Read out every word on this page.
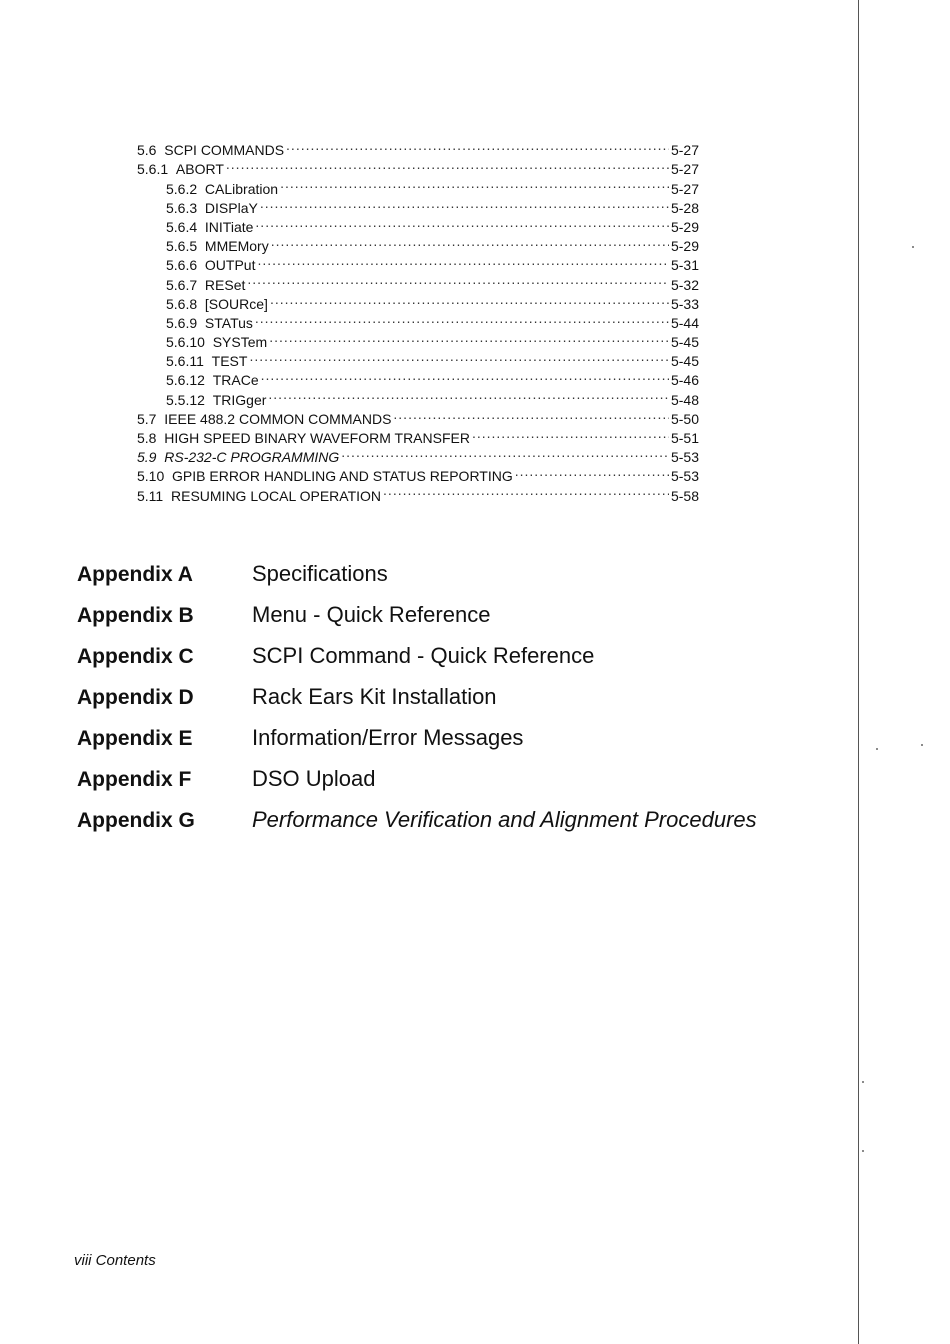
5.6 SCPI COMMANDS .....	5-27
5.6.1 ABORT .....	5-27
5.6.2 CALibration .....	5-27
5.6.3 DISPlaY .....	5-28
5.6.4 INITiate .....	5-29
5.6.5 MMEMory .....	5-29
5.6.6 OUTPut .....	5-31
5.6.7 RESet .....	5-32
5.6.8 [SOURce] .....	5-33
5.6.9 STATus .....	5-44
5.6.10 SYSTem .....	5-45
5.6.11 TEST .....	5-45
5.6.12 TRACe .....	5-46
5.5.12 TRIGger .....	5-48
5.7 IEEE 488.2 COMMON COMMANDS .....	5-50
5.8 HIGH SPEED BINARY WAVEFORM TRANSFER .....	5-51
5.9 RS-232-C PROGRAMMING .....	5-53
5.10 GPIB ERROR HANDLING AND STATUS REPORTING .....	5-53
5.11 RESUMING LOCAL OPERATION .....	5-58
Appendix A	Specifications
Appendix B	Menu - Quick Reference
Appendix C	SCPI Command - Quick Reference
Appendix D	Rack Ears Kit Installation
Appendix E	Information/Error Messages
Appendix F	DSO Upload
Appendix G	Performance Verification and Alignment Procedures
viii Contents
